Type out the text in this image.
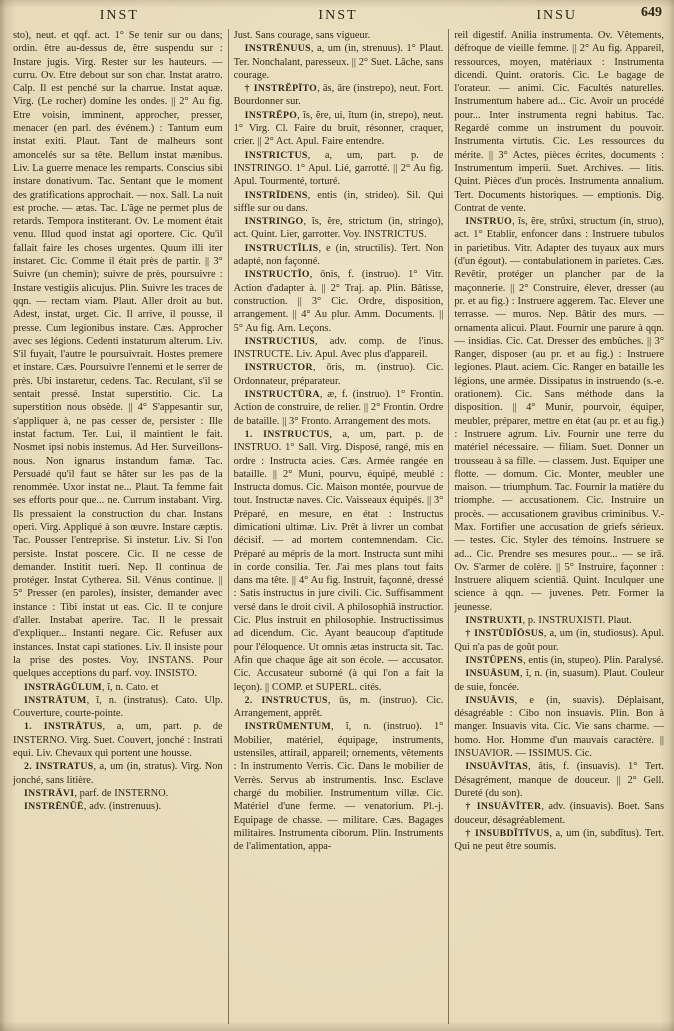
INST	INST	INSU	649

sto), neut. et qqf. act. 1° Se tenir sur ou dans; ordin. être au-dessus de, être suspendu sur : Instare jugis. Virg. Rester sur les hauteurs. — curru. Ov. Etre debout sur son char. Instat aratro. Calp. Il est penché sur la charrue. Instat aquæ. Virg. (Le rocher) domine les ondes. || 2° Au fig. Etre voisin, imminent, approcher, presser, menacer (en parl. des événem.) : Tantum eum instat exiti. Plaut. Tant de malheurs sont amoncelés sur sa tête. Bellum instat mænibus. Liv. La guerre menace les remparts. Conscius sibi instare donativum. Tac. Sentant que le moment des gratifications approchait. — nox. Sall. La nuit est proche. — ætas. Tac. L'âge ne permet plus de retards. Tempora institerant. Ov. Le moment était venu. Illud quod instat agi oportere. Cic. Qu'il fallait faire les choses urgentes. Quum illi iter instaret. Cic. Comme il était près de partir. || 3° Suivre (un chemin); suivre de près, poursuivre : Instare vestigiis alicujus. Plin. Suivre les traces de qqn. — rectam viam. Plaut. Aller droit au but. Adest, instat, urget. Cic. Il arrive, il pousse, il presse. Cum legionibus instare. Cæs. Approcher avec ses légions. Cedenti instaturum alterum. Liv. S'il fuyait, l'autre le poursuivrait. Hostes premere et instare. Cæs. Poursuivre l'ennemi et le serrer de près. Ubi instaretur, cedens. Tac. Reculant, s'il se sentait pressé. Instat superstitio. Cic. La superstition nous obsède. || 4° S'appesantir sur, s'appliquer à, ne pas cesser de, persister : Ille instat factum. Ter. Lui, il maintient le fait. Nosmet ipsi nobis instemus. Ad Her. Surveillons-nous. Non ignarus instandum famæ. Tac. Persuadé qu'il faut se hâter sur les pas de la renommée. Uxor instat ne... Plaut. Ta femme fait ses efforts pour que... ne. Currum instabant. Virg. Ils pressaient la construction du char. Instans operi. Virg. Appliqué à son œuvre. Instare cæptis. Tac. Pousser l'entreprise. Si instetur. Liv. Si l'on persiste. Instat poscere. Cic. Il ne cesse de demander. Institit tueri. Nep. Il continua de protéger. Instat Cytherea. Sil. Vénus continue. || 5° Presser (en paroles), insister, demander avec instance : Tibi instat ut eas. Cic. Il te conjure d'aller. Instabat aperire. Tac. Il le pressait d'expliquer... Instanti negare. Cic. Refuser aux instances. Instat capi stationes. Liv. Il insiste pour la prise des postes. Voy. INSTANS. Pour quelques acceptions du parf. voy. INSISTO.

INSTRĀGŬLUM, ĭ, n. Cato. et

INSTRĀTUM, ĭ, n. (instratus). Cato. Ulp. Couverture, courte-pointe.

1. INSTRĀTUS, a, um, part. p. de INSTERNO. Virg. Suet. Couvert, jonché : Instrati equi. Liv. Chevaux qui portent une housse.

2. INSTRATUS, a, um (in, stratus). Virg. Non jonché, sans litière.

INSTRĀVI, parf. de INSTERNO.

INSTRĒNŬĒ, adv. (instrenuus).

Just. Sans courage, sans vigueur.

INSTRĒNUUS, a, um (in, strenuus). 1° Plaut. Ter. Nonchalant, paresseux. || 2° Suet. Lâche, sans courage.

† INSTRĔPĪTO, ās, āre (instrepo), neut. Fort. Bourdonner sur.

INSTRĔPO, ĭs, ĕre, ui, ĭtum (in, strepo), neut. 1° Virg. Cl. Faire du bruit, résonner, craquer, crier. || 2° Act. Apul. Faire entendre.

INSTRICTUS, a, um, part. p. de INSTRINGO. 1° Apul. Lié, garrotté. || 2° Au fig. Apul. Tourmenté, torturé.

INSTRĪDENS, entis (in, strideo). Sil. Qui siffle sur ou dans.

INSTRINGO, ĭs, ĕre, strictum (in, stringo), act. Quint. Lier, garrotter. Voy. INSTRICTUS.

INSTRUCTĬLIS, e (in, structilis). Tert. Non adapté, non façonné.

INSTRUCTĬO, ōnis, f. (instruo). 1° Vitr. Action d'adapter à. || 2° Traj. ap. Plin. Bâtisse, construction. || 3° Cic. Ordre, disposition, arrangement. || 4° Au plur. Amm. Documents. || 5° Au fig. Arn. Leçons.

INSTRUCTIUS, adv. comp. de l'inus. INSTRUCTE. Liv. Apul. Avec plus d'appareil.

INSTRUCTOR, ōris, m. (instruo). Cic. Ordonnateur, préparateur.

INSTRUCTŪRA, æ, f. (instruo). 1° Frontin. Action de construire, de relier. || 2° Frontin. Ordre de bataille. || 3° Fronto. Arrangement des mots.

1. INSTRUCTUS, a, um, part. p. de INSTRUO. 1° Sall. Virg. Disposé, rangé, mis en ordre : Instructa acies. Cæs. Armée rangée en bataille. || 2° Muni, pourvu, équipé, meublé : Instructa domus. Cic. Maison montée, pourvue de tout. Instructæ naves. Cic. Vaisseaux équipés. || 3° Préparé, en mesure, en état : Instructus dimicationi ultimæ. Liv. Prêt à livrer un combat décisif. — ad mortem contemnendam. Cic. Préparé au mépris de la mort. Instructa sunt mihi in corde consilia. Ter. J'ai mes plans tout faits dans ma tête. || 4° Au fig. Instruit, façonné, dressé : Satis instructus in jure civili. Cic. Suffisamment versé dans le droit civil. A philosophiā instructior. Cic. Plus instruit en philosophie. Instructissimus ad dicendum. Cic. Ayant beaucoup d'aptitude pour l'éloquence. Ut omnis ætas instructa sit. Tac. Afin que chaque âge ait son école. — accusator. Cic. Accusateur suborné (à qui l'on a fait la leçon). || COMP. et SUPERL. cités.

2. INSTRUCTUS, ūs, m. (instruo). Cic. Arrangement, apprêt.

INSTRŪMENTUM, ĭ, n. (instruo). 1° Mobilier, matériel, équipage, instruments, ustensiles, attirail, appareil; ornements, vêtements : In instrumento Verris. Cic. Dans le mobilier de Verrès. Servus ab instrumentis. Insc. Esclave chargé du mobilier. Instrumentum villæ. Cic. Matériel d'une ferme. — venatorium. Pl.-j. Equipage de chasse. — militare. Cæs. Bagages militaires. Instrumenta ciborum. Plin. Instruments de l'alimentation, appa-

reil digestif. Anilia instrumenta. Ov. Vêtements, défroque de vieille femme. || 2° Au fig. Appareil, ressources, moyen, matériaux : Instrumenta dicendi. Quint. oratoris. Cic. Le bagage de l'orateur. — animi. Cic. Facultés naturelles. Instrumentum habere ad... Cic. Avoir un procédé pour... Inter instrumenta regni habitus. Tac. Regardé comme un instrument du pouvoir. Instrumenta virtutis. Cic. Les ressources du mérite. || 3° Actes, pièces écrites, documents : Instrumentum imperii. Suet. Archives. — litis. Quint. Pièces d'un procès. Instrumenta annalium. Tert. Documents historiques. — emptionis. Dig. Contrat de vente.

INSTRUO, ĭs, ĕre, strŭxi, structum (in, struo), act. 1° Etablir, enfoncer dans : Instruere tubulos in parietibus. Vitr. Adapter des tuyaux aux murs (d'un égout). — contabulationem in parietes. Cæs. Revêtir, protéger un plancher par de la maçonnerie. || 2° Construire, élever, dresser (au pr. et au fig.) : Instruere aggerem. Tac. Elever une terrasse. — muros. Nep. Bâtir des murs. — ornamenta alicui. Plaut. Fournir une parure à qqn. — insidias. Cic. Cat. Dresser des embûches. || 3° Ranger, disposer (au pr. et au fig.) : Instruere legiones. Plaut. aciem. Cic. Ranger en bataille les légions, une armée. Dissipatus in instruendo (s.-e. orationem). Cic. Sans méthode dans la disposition. || 4° Munir, pourvoir, équiper, meubler, préparer, mettre en état (au pr. et au fig.) : Instruere agrum. Liv. Fournir une terre du matériel nécessaire. — filiam. Suet. Donner un trousseau à sa fille. — classem. Just. Equiper une flotte. — domum. Cic. Monter, meubler une maison. — triumphum. Tac. Fournir la matière du triomphe. — accusationem. Cic. Instruire un procès. — accusationem gravibus criminibus. V.-Max. Fortifier une accusation de griefs sérieux. — testes. Cic. Styler des témoins. Instruere se ad... Cic. Prendre ses mesures pour... — se irā. Ov. S'armer de colère. || 5° Instruire, façonner : Instruere aliquem scientiā. Quint. Inculquer une science à qqn. — juvenes. Petr. Former la jeunesse.

INSTRUXTI, p. INSTRUXISTI. Plaut.

† INSTŬDĬŌSUS, a, um (in, studiosus). Apul. Qui n'a pas de goût pour.

INSTŬPENS, entis (in, stupeo). Plin. Paralysé.

INSUĀSUM, ĭ, n. (in, suasum). Plaut. Couleur de suie, foncée.

INSUĀVIS, e (in, suavis). Déplaisant, désagréable : Cibo non insuavis. Plin. Bon à manger. Insuavis vita. Cic. Vie sans charme. — homo. Hor. Homme d'un mauvais caractère. || INSUAVIOR. — ISSIMUS. Cic.

INSUĀVĬTAS, ātis, f. (insuavis). 1° Tert. Désagrément, manque de douceur. || 2° Gell. Dureté (du son).

† INSUĀVĬTER, adv. (insuavis). Boet. Sans douceur, désagréablement.

† INSUBDĬTĪVUS, a, um (in, subdĭtus). Tert. Qui ne peut être soumis.
